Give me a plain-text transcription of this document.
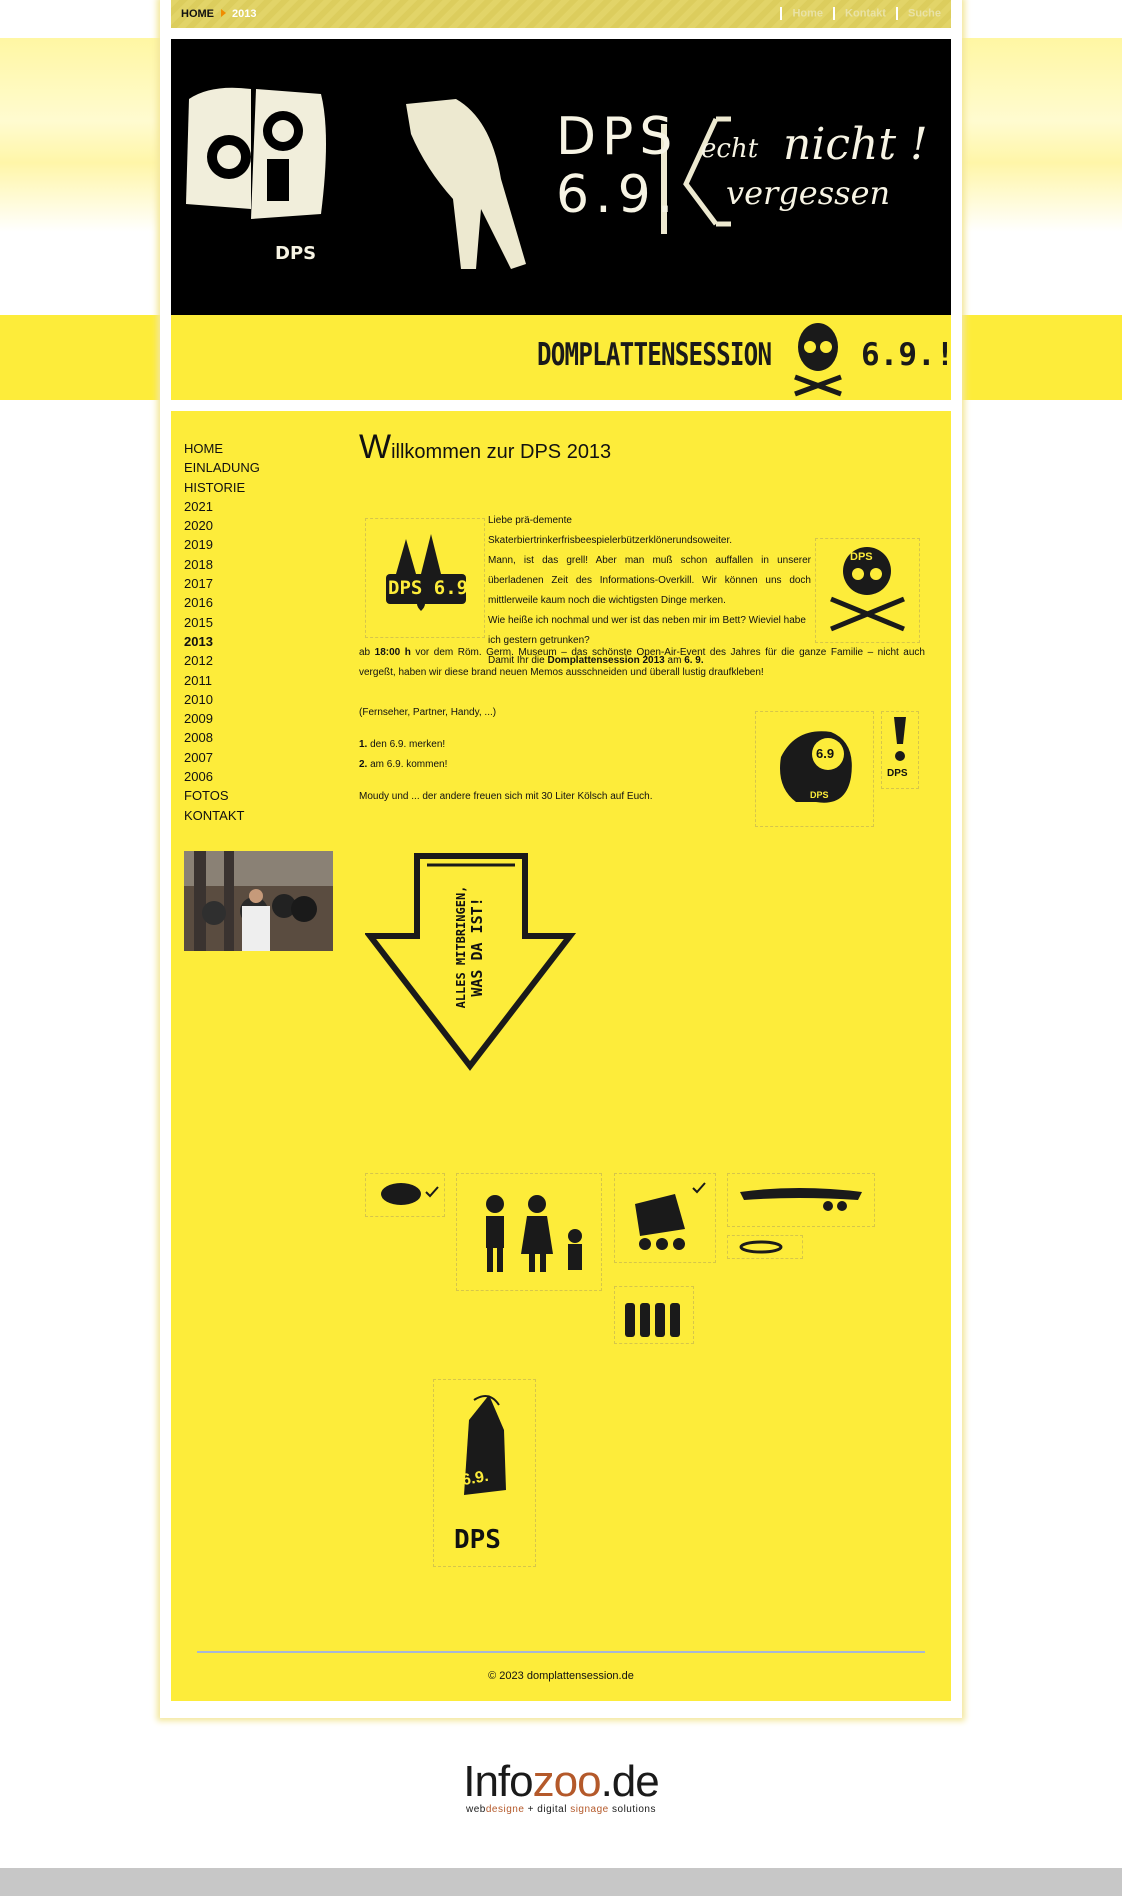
HOME 2013	Home Kontakt Suche
DPS
6.9.
echt nicht !
vergessen
DPS
DOMPLATTENSESSION	6.9.!
HOME
EINLADUNG
HISTORIE
2021
2020
2019
2018
2017
2016
2015
2013
2012
2011
2010
2009
2008
2007
2006
FOTOS
KONTAKT
Willkommen zur DPS 2013
DPS 6.9
DPS
Liebe prä-demente Skaterbiertrinkerfrisbeespielerbützerklönerundsoweiter.
Mann, ist das grell! Aber man muß schon auffallen in unserer überladenen Zeit des Informations-Overkill. Wir können uns doch mittlerweile kaum noch die wichtigsten Dinge merken.
Wie heiße ich nochmal und wer ist das neben mir im Bett? Wieviel habe ich gestern getrunken?
Damit Ihr die Domplattensession 2013 am 6. 9.
ab 18:00 h vor dem Röm. Germ. Museum – das schönste Open-Air-Event des Jahres für die ganze Familie – nicht auch vergeßt, haben wir diese brand neuen Memos ausschneiden und überall lustig draufkleben!
(Fernseher, Partner, Handy, ...)
1. den 6.9. merken!
2. am 6.9. kommen!
Moudy und ... der andere freuen sich mit 30 Liter Kölsch auf Euch.
6.9
DPS
DPS
ALLES MITBRINGEN, WAS DA IST!
6.9.
DPS
© 2023 domplattensession.de
Infozoo.de
webdesigne + digital signage solutions
